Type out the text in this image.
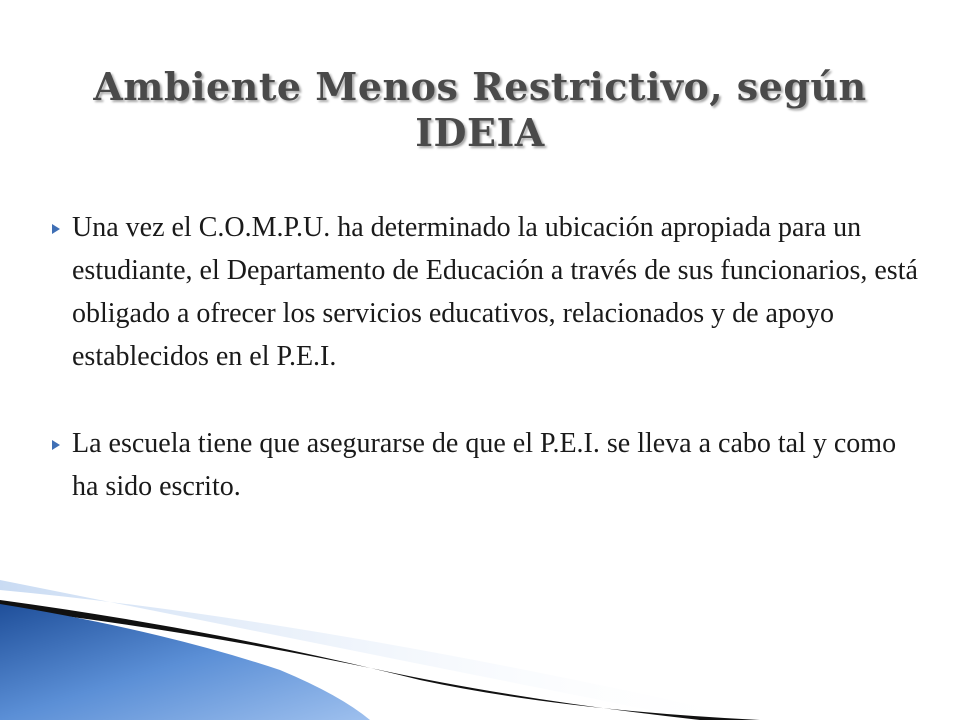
Ambiente Menos Restrictivo, según IDEIA
Una vez el C.O.M.P.U. ha determinado la ubicación apropiada para un estudiante, el Departamento de Educación a través de sus funcionarios, está obligado a ofrecer los servicios educativos, relacionados y de apoyo establecidos en el P.E.I.
La escuela tiene que asegurarse de que el P.E.I. se lleva a cabo tal y como ha sido escrito.
